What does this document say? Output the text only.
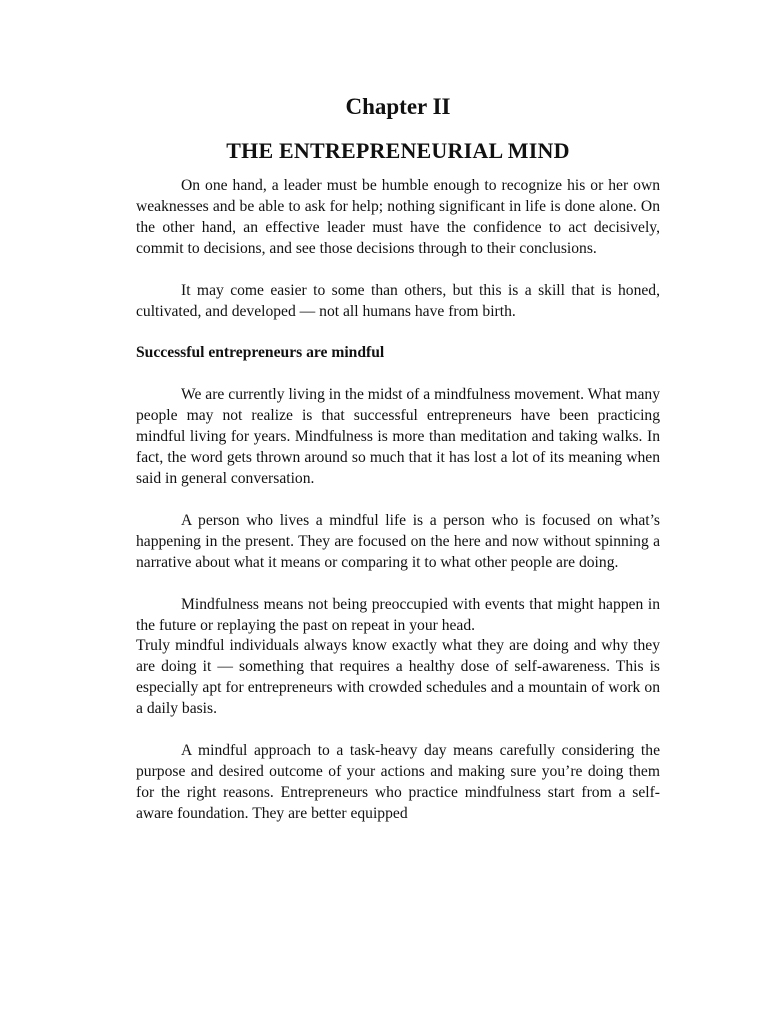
Chapter II
THE ENTREPRENEURIAL MIND

On one hand, a leader must be humble enough to recognize his or her own weaknesses and be able to ask for help; nothing significant in life is done alone. On the other hand, an effective leader must have the confidence to act decisively, commit to decisions, and see those decisions through to their conclusions.

It may come easier to some than others, but this is a skill that is honed, cultivated, and developed — not all humans have from birth.

Successful entrepreneurs are mindful

We are currently living in the midst of a mindfulness movement. What many people may not realize is that successful entrepreneurs have been practicing mindful living for years. Mindfulness is more than meditation and taking walks. In fact, the word gets thrown around so much that it has lost a lot of its meaning when said in general conversation.

A person who lives a mindful life is a person who is focused on what’s happening in the present. They are focused on the here and now without spinning a narrative about what it means or comparing it to what other people are doing.

Mindfulness means not being preoccupied with events that might happen in the future or replaying the past on repeat in your head.

Truly mindful individuals always know exactly what they are doing and why they are doing it — something that requires a healthy dose of self-awareness. This is especially apt for entrepreneurs with crowded schedules and a mountain of work on a daily basis.

A mindful approach to a task-heavy day means carefully considering the purpose and desired outcome of your actions and making sure you’re doing them for the right reasons. Entrepreneurs who practice mindfulness start from a self-aware foundation. They are better equipped
